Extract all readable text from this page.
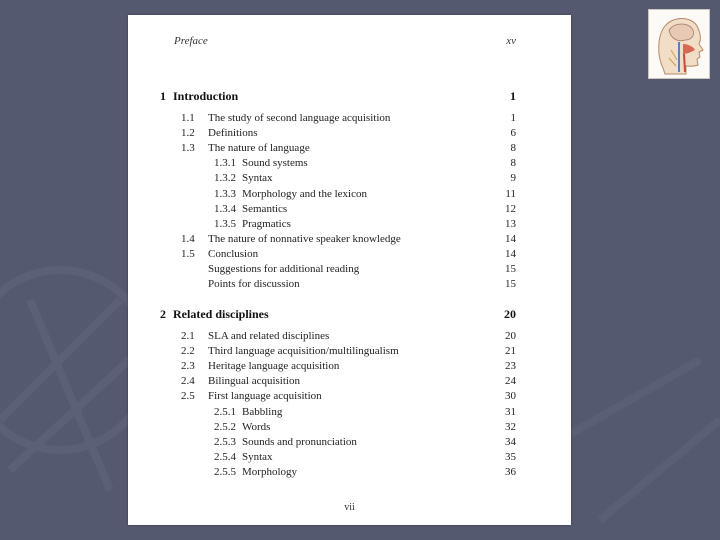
Preface	xv
1 Introduction	1
1.1 The study of second language acquisition	1
1.2 Definitions	6
1.3 The nature of language	8
1.3.1 Sound systems	8
1.3.2 Syntax	9
1.3.3 Morphology and the lexicon	11
1.3.4 Semantics	12
1.3.5 Pragmatics	13
1.4 The nature of nonnative speaker knowledge	14
1.5 Conclusion	14
Suggestions for additional reading	15
Points for discussion	15
2 Related disciplines	20
2.1 SLA and related disciplines	20
2.2 Third language acquisition/multilingualism	21
2.3 Heritage language acquisition	23
2.4 Bilingual acquisition	24
2.5 First language acquisition	30
2.5.1 Babbling	31
2.5.2 Words	32
2.5.3 Sounds and pronunciation	34
2.5.4 Syntax	35
2.5.5 Morphology	36
vii
